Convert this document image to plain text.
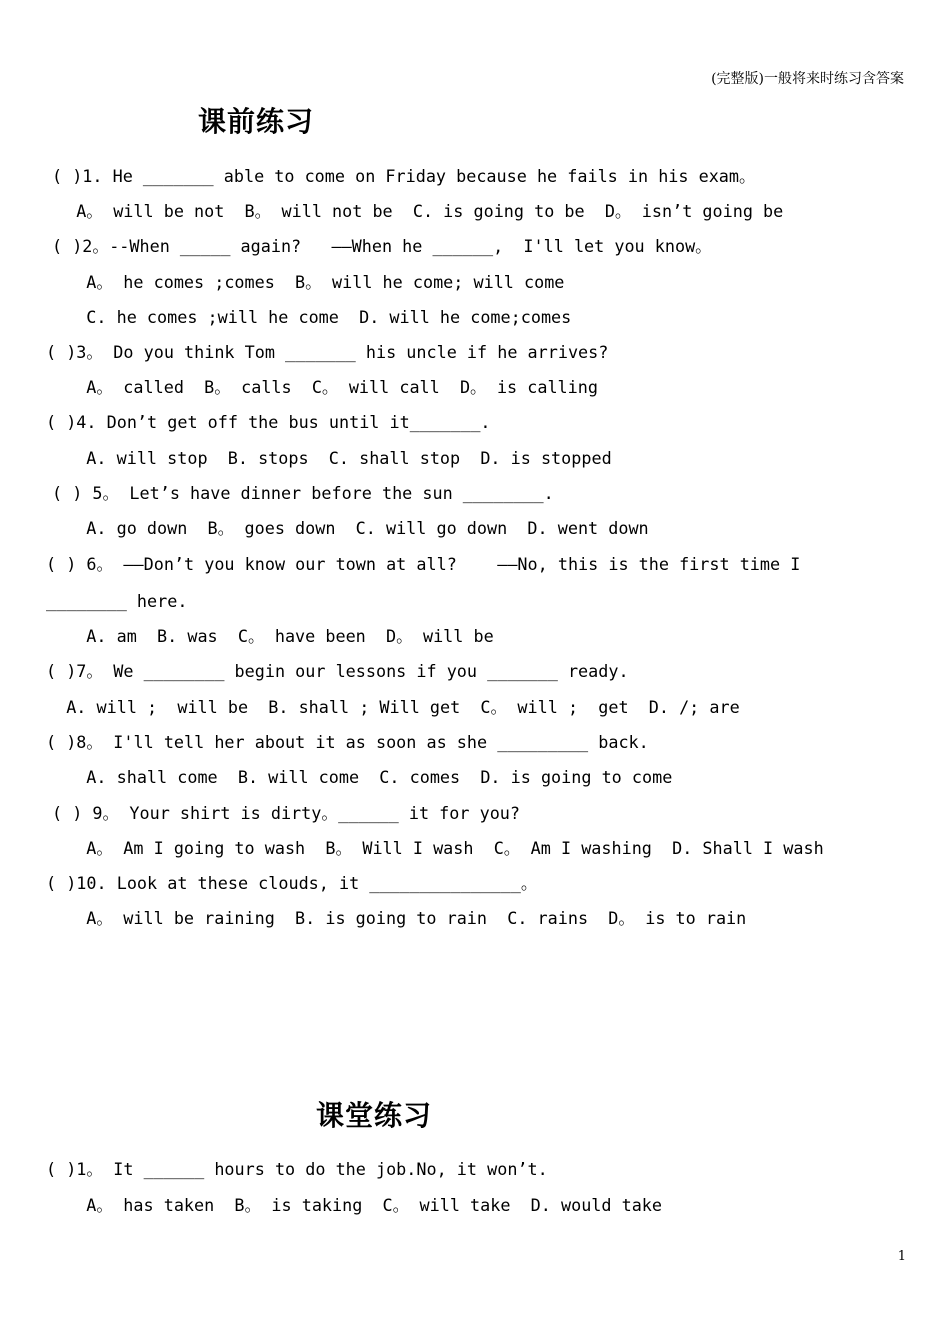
(完整版)一般将来时练习含答案
课前练习
( )1. He _______ able to come on Friday because he fails in his exam。
A。 will be not  B。 will not be  C. is going to be  D。 isn’t going be
( )2。--When _____ again?   ——When he ______,  I'll let you know。
A。 he comes ;comes  B。 will he come; will come
C. he comes ;will he come  D. will he come;comes
( )3。 Do you think Tom _______ his uncle if he arrives?
A。 called  B。 calls  C。 will call  D。 is calling
( )4. Don’t get off the bus until it_______.
A. will stop  B. stops  C. shall stop  D. is stopped
( ) 5。 Let’s have dinner before the sun ________.
A. go down  B。 goes down  C. will go down  D. went down
( ) 6。 ——Don’t you know our town at all?    ——No, this is the first time I
________ here.
A. am  B. was  C。 have been  D。 will be
( )7。 We ________ begin our lessons if you _______ ready.
A. will ;  will be  B. shall ; Will get  C。 will ;  get  D. /; are
( )8。 I'll tell her about it as soon as she _________ back.
A. shall come  B. will come  C. comes  D. is going to come
( ) 9。 Your shirt is dirty。______ it for you?
A。 Am I going to wash  B。 Will I wash  C。 Am I washing  D. Shall I wash
( )10. Look at these clouds, it _______________。
A。 will be raining  B. is going to rain  C. rains  D。 is to rain
课堂练习
( )1。 It ______ hours to do the job.No, it won’t.
A。 has taken  B。 is taking  C。 will take  D. would take
1
